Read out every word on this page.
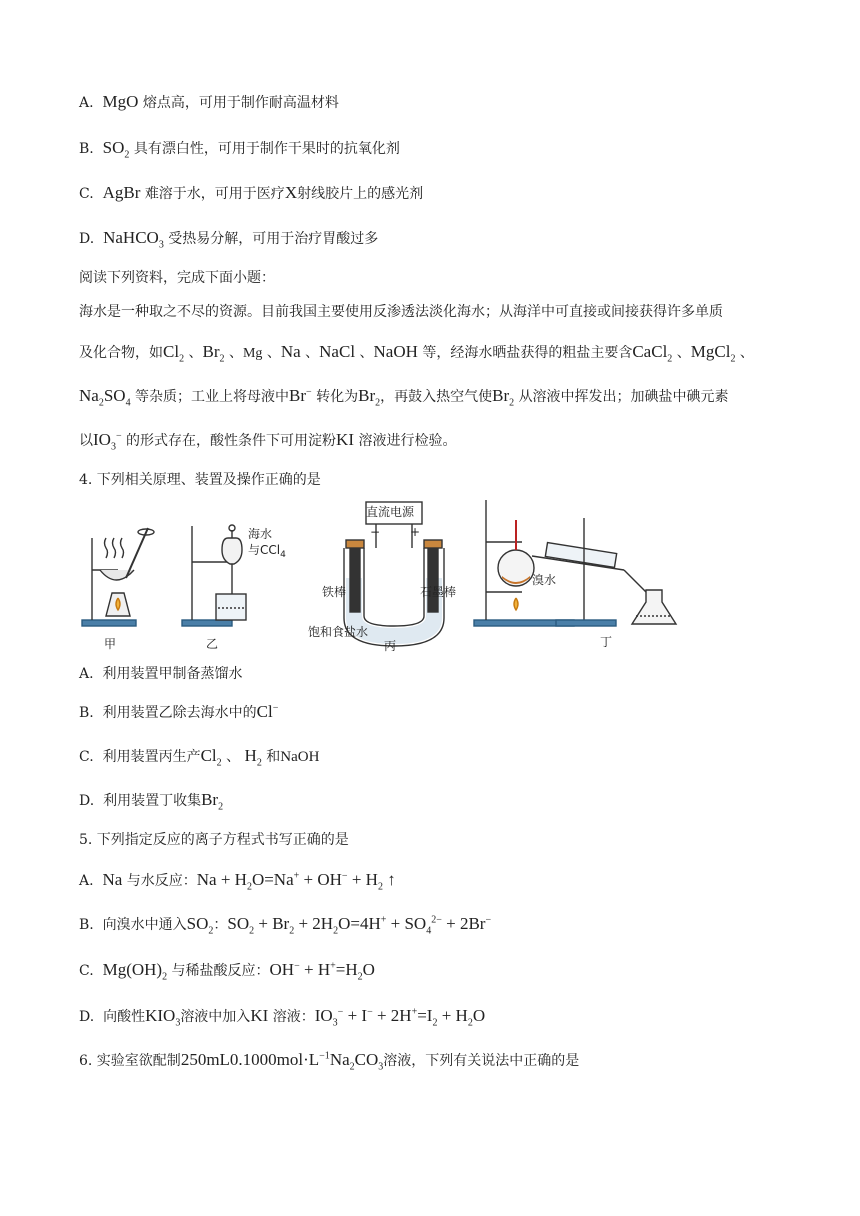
A. MgO 熔点高，可用于制作耐高温材料
B. $SO_2$ 具有漂白性，可用于制作干果时的抗氧化剂
C. AgBr 难溶于水，可用于医疗X射线胶片上的感光剂
D. NaHCO$_3$ 受热易分解，可用于治疗胃酸过多
阅读下列资料，完成下面小题：
海水是一种取之不尽的资源。目前我国主要使用反渗透法淡化海水；从海洋中可直接或间接获得许多单质
及化合物，如$Cl_2$ 、$Br_2$ 、Mg 、Na 、NaCl 、NaOH 等，经海水晒盐获得的粗盐主要含CaCl$_2$ 、MgCl$_2$ 、
$Na_2SO_4$ 等杂质；工业上将母液中Br− 转化为$Br_2$，再鼓入热空气使$Br_2$ 从溶液中挥发出；加碘盐中碘元素
以$IO_3^-$ 的形式存在，酸性条件下可用淀粉KI 溶液进行检验。
4. 下列相关原理、装置及操作正确的是
甲	乙	丙	丁
海水
与CCl$_4$
直流电源
− +
铁棒	石墨棒
饱和食盐水
溴水
A. 利用装置甲制备蒸馏水
B. 利用装置乙除去海水中的Cl−
C. 利用装置丙生产$Cl_2$ 、 $H_2$ 和NaOH
D. 利用装置丁收集$Br_2$
5. 下列指定反应的离子方程式书写正确的是
A. Na 与水反应：$Na + H_2O=Na^+ + OH^- + H_2$ ↑
B. 向溴水中通入$SO_2$：$SO_2 + Br_2 + 2H_2O=4H^+ + SO_4^{2-} + 2Br^-$
C. $Mg(OH)_2$ 与稀盐酸反应：$OH^- + H^+=H_2O$
D. 向酸性$KIO_3$溶液中加入KI 溶液：$IO_3^- + I^- + 2H^+=I_2 + H_2O$
6. 实验室欲配制$250mL0.1000mol\cdot L^{-1}Na_2CO_3$溶液，下列有关说法中正确的是
